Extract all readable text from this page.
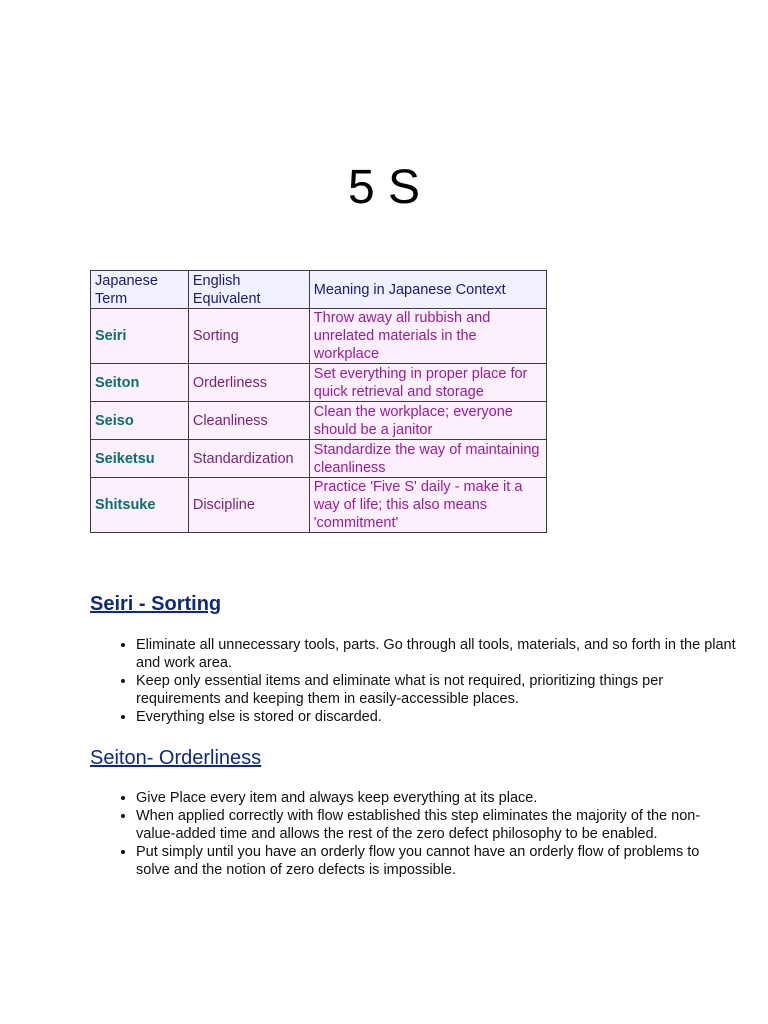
5 S
Japanese Term	English Equivalent	Meaning in Japanese Context
Seiri	Sorting	Throw away all rubbish and unrelated materials in the workplace
Seiton	Orderliness	Set everything in proper place for quick retrieval and storage
Seiso	Cleanliness	Clean the workplace; everyone should be a janitor
Seiketsu	Standardization	Standardize the way of maintaining cleanliness
Shitsuke	Discipline	Practice 'Five S' daily - make it a way of life; this also means 'commitment'
Seiri - Sorting
• Eliminate all unnecessary tools, parts. Go through all tools, materials, and so forth in the plant and work area.
• Keep only essential items and eliminate what is not required, prioritizing things per requirements and keeping them in easily-accessible places.
• Everything else is stored or discarded.
Seiton- Orderliness
• Give Place every item and always keep everything at its place.
• When applied correctly with flow established this step eliminates the majority of the non-value-added time and allows the rest of the zero defect philosophy to be enabled.
• Put simply until you have an orderly flow you cannot have an orderly flow of problems to solve and the notion of zero defects is impossible.
